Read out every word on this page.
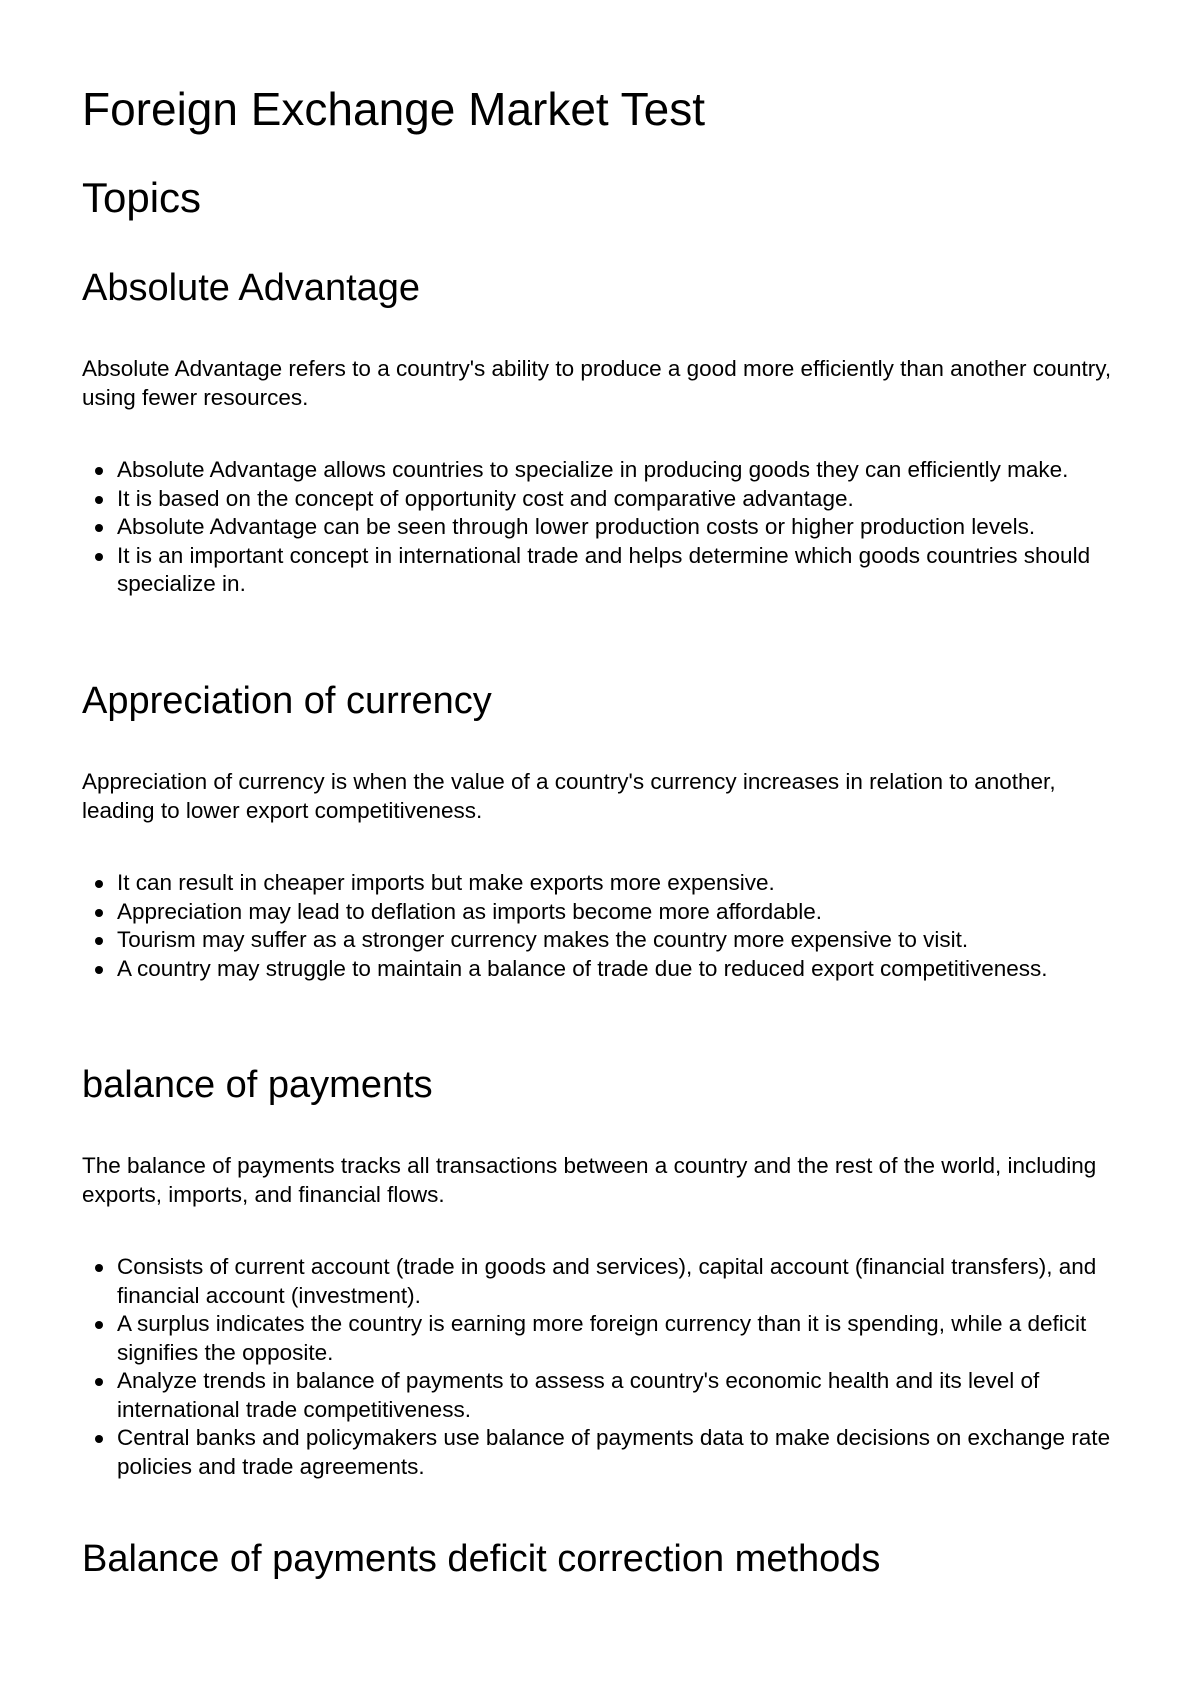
Foreign Exchange Market Test
Topics
Absolute Advantage

Absolute Advantage refers to a country's ability to produce a good more efficiently than another country, using fewer resources.

Absolute Advantage allows countries to specialize in producing goods they can efficiently make.
It is based on the concept of opportunity cost and comparative advantage.
Absolute Advantage can be seen through lower production costs or higher production levels.
It is an important concept in international trade and helps determine which goods countries should specialize in.
Appreciation of currency

Appreciation of currency is when the value of a country's currency increases in relation to another, leading to lower export competitiveness.

It can result in cheaper imports but make exports more expensive.
Appreciation may lead to deflation as imports become more affordable.
Tourism may suffer as a stronger currency makes the country more expensive to visit.
A country may struggle to maintain a balance of trade due to reduced export competitiveness.
balance of payments

The balance of payments tracks all transactions between a country and the rest of the world, including exports, imports, and financial flows.

Consists of current account (trade in goods and services), capital account (financial transfers), and financial account (investment).
A surplus indicates the country is earning more foreign currency than it is spending, while a deficit signifies the opposite.
Analyze trends in balance of payments to assess a country's economic health and its level of international trade competitiveness.
Central banks and policymakers use balance of payments data to make decisions on exchange rate policies and trade agreements.
Balance of payments deficit correction methods
